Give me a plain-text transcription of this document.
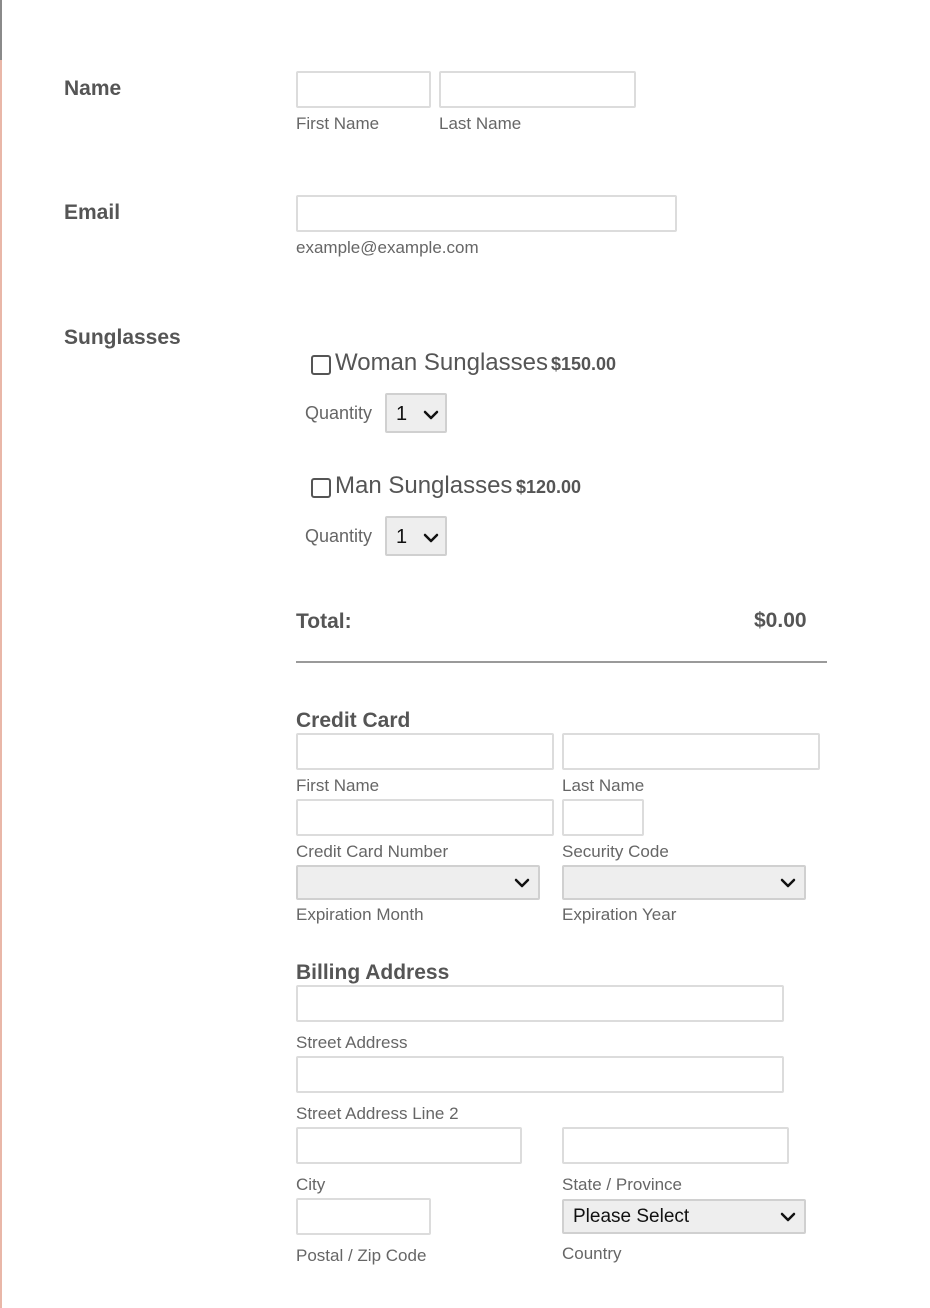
Name
First Name	Last Name
Email
example@example.com
Sunglasses
Woman Sunglasses $150.00
Quantity 1
Man Sunglasses $120.00
Quantity 1
Total:	$0.00
Credit Card
First Name	Last Name
Credit Card Number	Security Code
Expiration Month	Expiration Year
Billing Address
Street Address
Street Address Line 2
City	State / Province
Please Select
Postal / Zip Code	Country
